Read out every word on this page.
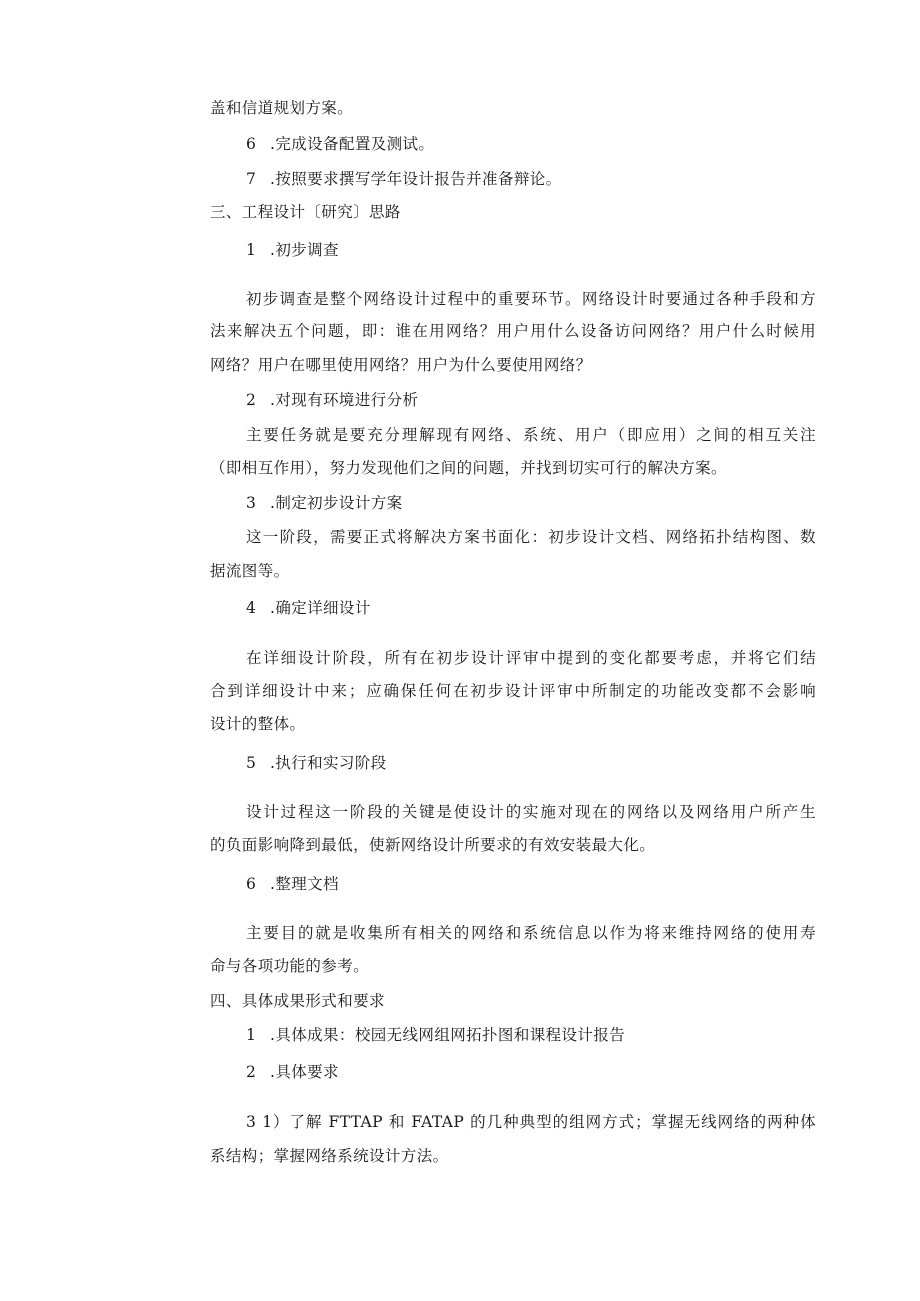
盖和信道规划方案。

6 .完成设备配置及测试。

7 .按照要求撰写学年设计报告并准备辩论。

三、工程设计〔研究〕思路

1 .初步调查

初步调查是整个网络设计过程中的重要环节。网络设计时要通过各种手段和方

法来解决五个问题，即：谁在用网络？用户用什么设备访问网络？用户什么时候用

网络？用户在哪里使用网络？用户为什么要使用网络？

2 .对现有环境进行分析

主要任务就是要充分理解现有网络、系统、用户（即应用）之间的相互关注

（即相互作用），努力发现他们之间的问题，并找到切实可行的解决方案。

3 .制定初步设计方案

这一阶段，需要正式将解决方案书面化：初步设计文档、网络拓扑结构图、数

据流图等。

4 .确定详细设计

在详细设计阶段，所有在初步设计评审中提到的变化都要考虑，并将它们结

合到详细设计中来；应确保任何在初步设计评审中所制定的功能改变都不会影响

设计的整体。

5 .执行和实习阶段

设计过程这一阶段的关键是使设计的实施对现在的网络以及网络用户所产生

的负面影响降到最低，使新网络设计所要求的有效安装最大化。

6 .整理文档

主要目的就是收集所有相关的网络和系统信息以作为将来维持网络的使用寿

命与各项功能的参考。

四、具体成果形式和要求

1 .具体成果：校园无线网组网拓扑图和课程设计报告

2 .具体要求

3 1）了解 FTTAP 和 FATAP 的几种典型的组网方式；掌握无线网络的两种体

系结构；掌握网络系统设计方法。
